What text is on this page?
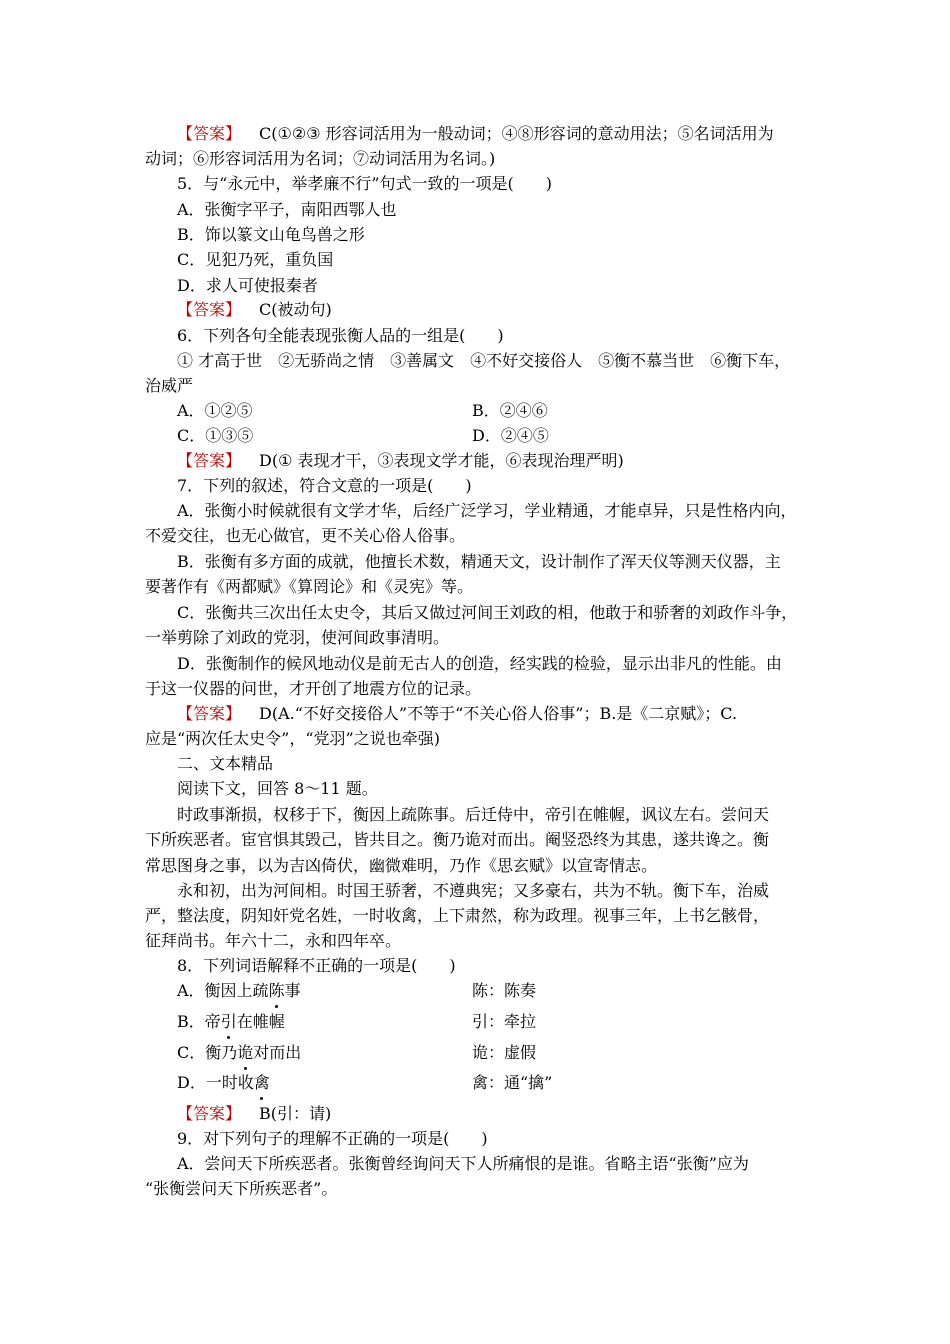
【答案】 C(①②③ 形容词活用为一般动词；④⑧形容词的意动用法；⑤名词活用为
动词；⑥形容词活用为名词；⑦动词活用为名词。)
5．与“永元中，举孝廉不行”句式一致的一项是(　　)
A．张衡字平子，南阳西鄂人也
B．饰以篆文山龟鸟兽之形
C．见犯乃死，重负国
D．求人可使报秦者
【答案】 C(被动句)
6．下列各句全能表现张衡人品的一组是(　　)
① 才高于世　②无骄尚之情　③善属文　④不好交接俗人　⑤衡不慕当世　⑥衡下车，
治威严
A．①②⑤	B．②④⑥
C．①③⑤	D．②④⑤
【答案】 D(① 表现才干，③表现文学才能，⑥表现治理严明)
7．下列的叙述，符合文意的一项是(　　)
A．张衡小时候就很有文学才华，后经广泛学习，学业精通，才能卓异，只是性格内向，
不爱交往，也无心做官，更不关心俗人俗事。
B．张衡有多方面的成就，他擅长术数，精通天文，设计制作了浑天仪等测天仪器，主
要著作有《两都赋》《算罔论》和《灵宪》等。
C．张衡共三次出任太史令，其后又做过河间王刘政的相，他敢于和骄奢的刘政作斗争，
一举剪除了刘政的党羽，使河间政事清明。
D．张衡制作的候风地动仪是前无古人的创造，经实践的检验，显示出非凡的性能。由
于这一仪器的问世，才开创了地震方位的记录。
【答案】 D(A.“不好交接俗人”不等于“不关心俗人俗事”；B.是《二京赋》；C.
应是“两次任太史令”，“党羽”之说也牵强)
二、文本精品
阅读下文，回答 8～11 题。
时政事渐损，权移于下，衡因上疏陈事。后迁侍中，帝引在帷幄，讽议左右。尝问天
下所疾恶者。宦官惧其毁己，皆共目之。衡乃诡对而出。阉竖恐终为其患，遂共谗之。衡
常思图身之事，以为吉凶倚伏，幽微难明，乃作《思玄赋》以宣寄情志。
永和初，出为河间相。时国王骄奢，不遵典宪；又多豪右，共为不轨。衡下车，治威
严，整法度，阴知奸党名姓，一时收禽，上下肃然，称为政理。视事三年，上书乞骸骨，
征拜尚书。年六十二，永和四年卒。
8．下列词语解释不正确的一项是(　　)
A．衡因上疏陈事	陈：陈奏
B．帝引在帷幄	引：牵拉
C．衡乃诡对而出	诡：虚假
D．一时收禽	禽：通“擒”
【答案】 B(引：请)
9．对下列句子的理解不正确的一项是(　　)
A．尝问天下所疾恶者。张衡曾经询问天下人所痛恨的是谁。省略主语“张衡”应为
“张衡尝问天下所疾恶者”。
